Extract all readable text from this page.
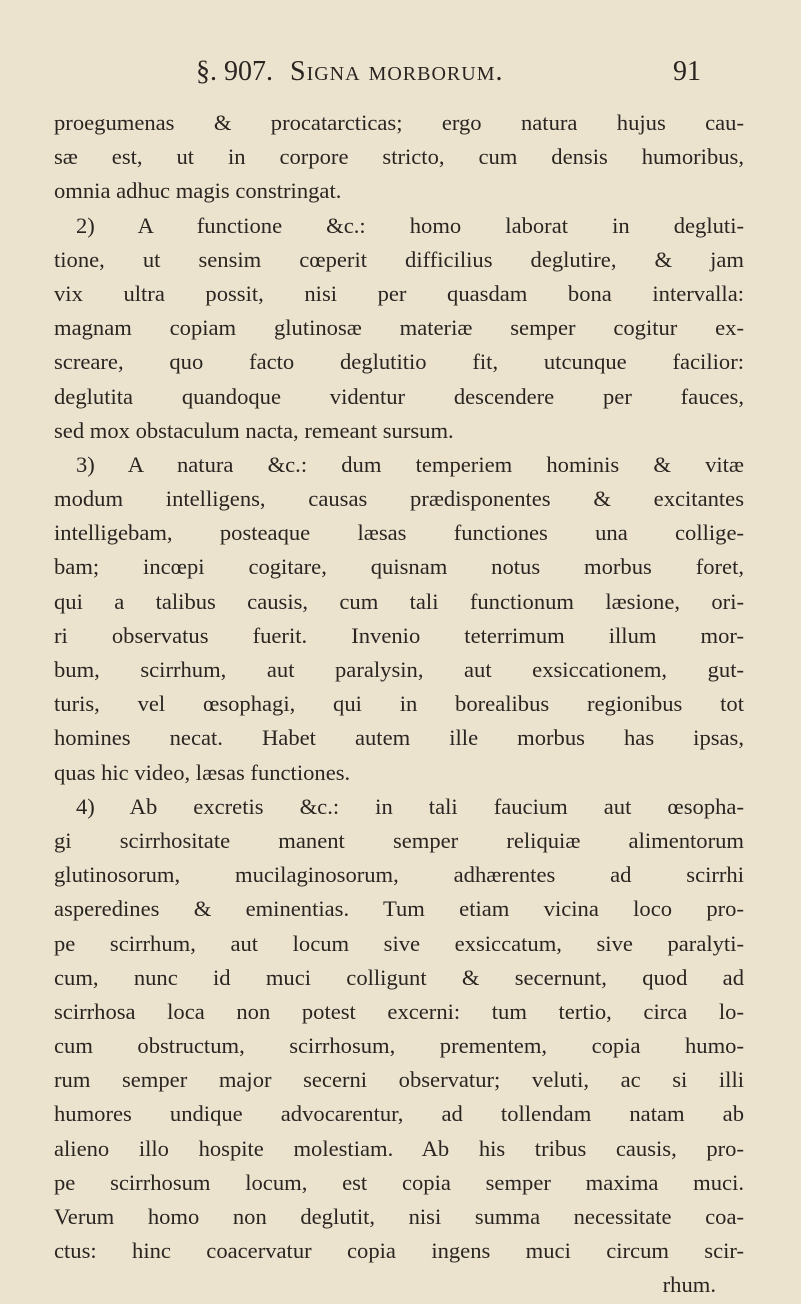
§. 907. Signa morborum.	91
proegumenas & procatarcticas; ergo natura hujus cau-
sæ est, ut in corpore stricto, cum densis humoribus,
omnia adhuc magis constringat.
2) A functione &c.: homo laborat in degluti-
tione, ut sensim cœperit difficilius deglutire, & jam
vix ultra possit, nisi per quasdam bona intervalla:
magnam copiam glutinosæ materiæ semper cogitur ex-
screare, quo facto deglutitio fit, utcunque facilior:
deglutita quandoque videntur descendere per fauces,
sed mox obstaculum nacta, remeant sursum.
3) A natura &c.: dum temperiem hominis & vitæ
modum intelligens, causas prædisponentes & excitantes
intelligebam, posteaque læsas functiones una collige-
bam; incœpi cogitare, quisnam notus morbus foret,
qui a talibus causis, cum tali functionum læsione, ori-
ri observatus fuerit. Invenio teterrimum illum mor-
bum, scirrhum, aut paralysin, aut exsiccationem, gut-
turis, vel œsophagi, qui in borealibus regionibus tot
homines necat. Habet autem ille morbus has ipsas,
quas hic video, læsas functiones.
4) Ab excretis &c.: in tali faucium aut œsopha-
gi scirrhositate manent semper reliquiæ alimentorum
glutinosorum, mucilaginosorum, adhærentes ad scirrhi
asperedines & eminentias. Tum etiam vicina loco pro-
pe scirrhum, aut locum sive exsiccatum, sive paralyti-
cum, nunc id muci colligunt & secernunt, quod ad
scirrhosa loca non potest excerni: tum tertio, circa lo-
cum obstructum, scirrhosum, prementem, copia humo-
rum semper major secerni observatur; veluti, ac si illi
humores undique advocarentur, ad tollendam natam ab
alieno illo hospite molestiam. Ab his tribus causis, pro-
pe scirrhosum locum, est copia semper maxima muci.
Verum homo non deglutit, nisi summa necessitate coa-
ctus: hinc coacervatur copia ingens muci circum scir-
rhum.
